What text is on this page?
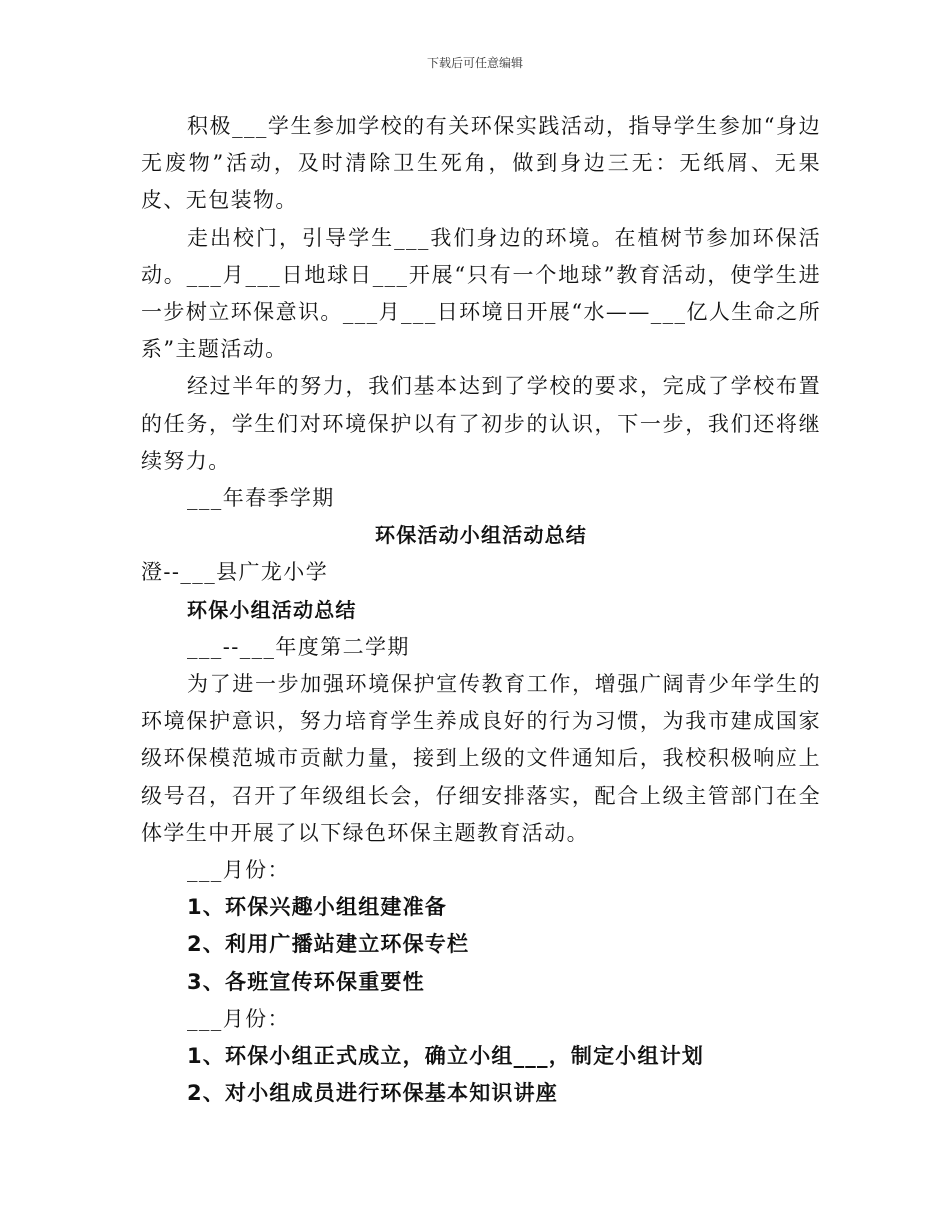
下载后可任意编辑

积极___学生参加学校的有关环保实践活动，指导学生参加“身边无废物”活动，及时清除卫生死角，做到身边三无：无纸屑、无果皮、无包装物。

走出校门，引导学生___我们身边的环境。在植树节参加环保活动。___月___日地球日___开展“只有一个地球”教育活动，使学生进一步树立环保意识。___月___日环境日开展“水——___亿人生命之所系”主题活动。

经过半年的努力，我们基本达到了学校的要求，完成了学校布置的任务，学生们对环境保护以有了初步的认识，下一步，我们还将继续努力。

___年春季学期

环保活动小组活动总结

澄--___县广龙小学

环保小组活动总结

___--___年度第二学期

为了进一步加强环境保护宣传教育工作，增强广阔青少年学生的环境保护意识，努力培育学生养成良好的行为习惯，为我市建成国家级环保模范城市贡献力量，接到上级的文件通知后，我校积极响应上级号召，召开了年级组长会，仔细安排落实，配合上级主管部门在全体学生中开展了以下绿色环保主题教育活动。

___月份：

1、环保兴趣小组组建准备

2、利用广播站建立环保专栏

3、各班宣传环保重要性

___月份：

1、环保小组正式成立，确立小组___，制定小组计划

2、对小组成员进行环保基本知识讲座
